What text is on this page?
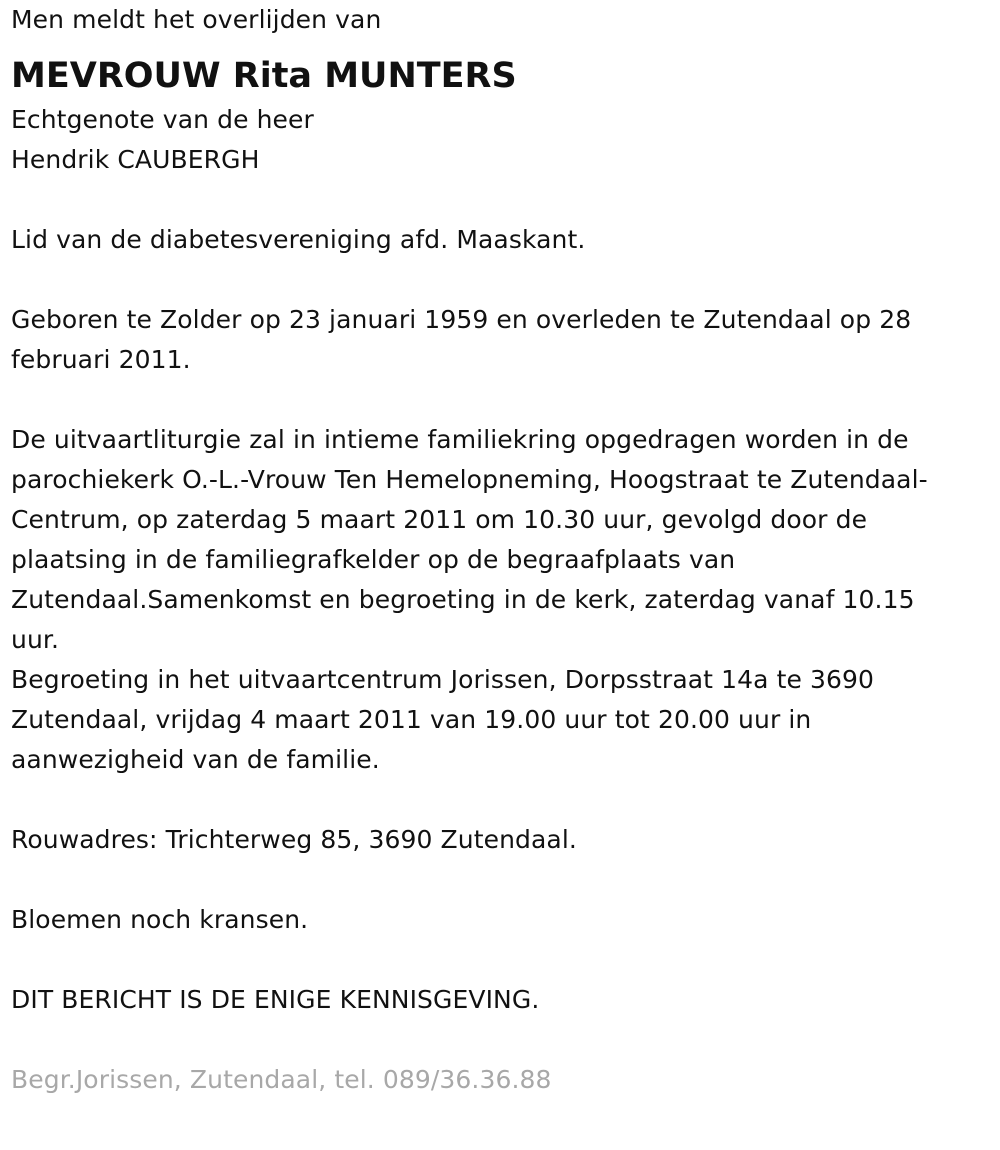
Men meldt het overlijden van
MEVROUW Rita MUNTERS
Echtgenote van de heer
Hendrik CAUBERGH
Lid van de diabetesvereniging afd. Maaskant.
Geboren te Zolder op 23 januari 1959 en overleden te Zutendaal op 28
februari 2011.
De uitvaartliturgie zal in intieme familiekring opgedragen worden in de
parochiekerk O.-L.-Vrouw Ten Hemelopneming, Hoogstraat te Zutendaal-
Centrum, op zaterdag 5 maart 2011 om 10.30 uur, gevolgd door de
plaatsing in de familiegrafkelder op de begraafplaats van
Zutendaal.Samenkomst en begroeting in de kerk, zaterdag vanaf 10.15
uur.
Begroeting in het uitvaartcentrum Jorissen, Dorpsstraat 14a te 3690
Zutendaal, vrijdag 4 maart 2011 van 19.00 uur tot 20.00 uur in
aanwezigheid van de familie.
Rouwadres: Trichterweg 85, 3690 Zutendaal.
Bloemen noch kransen.
DIT BERICHT IS DE ENIGE KENNISGEVING.
Begr.Jorissen, Zutendaal, tel. 089/36.36.88
